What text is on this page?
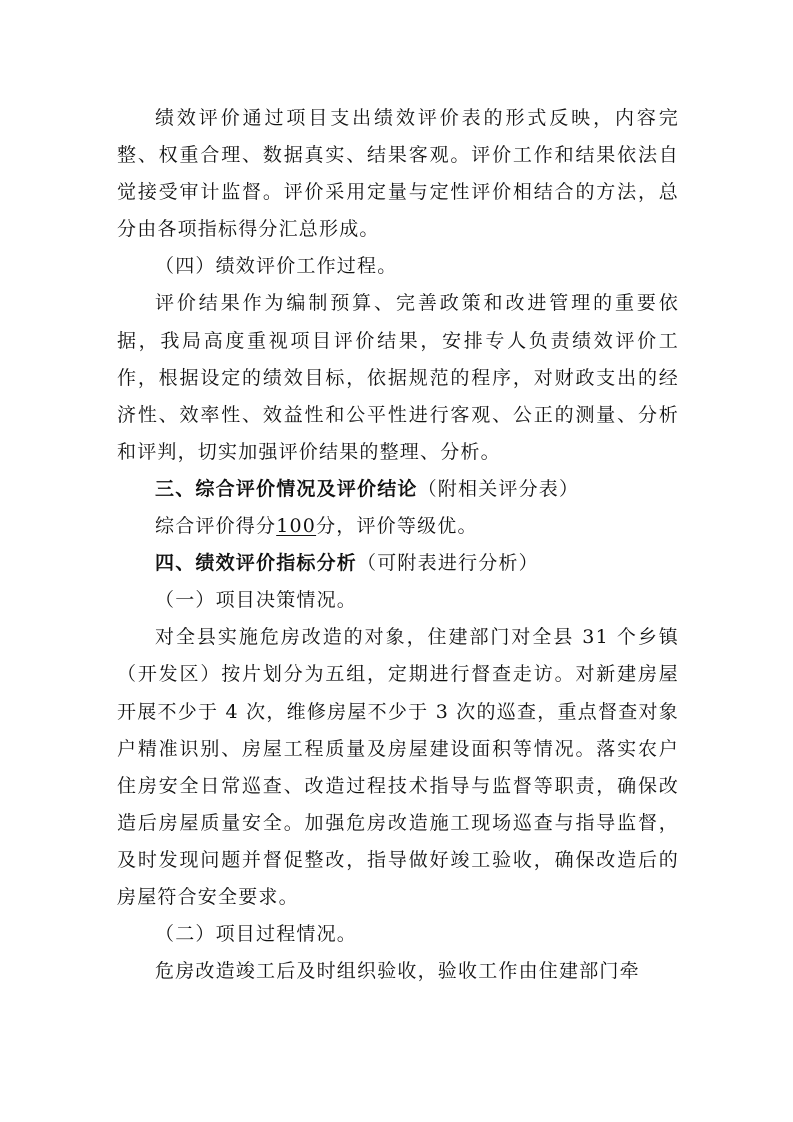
绩效评价通过项目支出绩效评价表的形式反映，内容完整、权重合理、数据真实、结果客观。评价工作和结果依法自觉接受审计监督。评价采用定量与定性评价相结合的方法，总分由各项指标得分汇总形成。

（四）绩效评价工作过程。

评价结果作为编制预算、完善政策和改进管理的重要依据，我局高度重视项目评价结果，安排专人负责绩效评价工作，根据设定的绩效目标，依据规范的程序，对财政支出的经济性、效率性、效益性和公平性进行客观、公正的测量、分析和评判，切实加强评价结果的整理、分析。

三、综合评价情况及评价结论（附相关评分表）

综合评价得分100分，评价等级优。

四、绩效评价指标分析（可附表进行分析）

（一）项目决策情况。

对全县实施危房改造的对象，住建部门对全县 31 个乡镇（开发区）按片划分为五组，定期进行督查走访。对新建房屋开展不少于 4 次，维修房屋不少于 3 次的巡查，重点督查对象户精准识别、房屋工程质量及房屋建设面积等情况。落实农户住房安全日常巡查、改造过程技术指导与监督等职责，确保改造后房屋质量安全。加强危房改造施工现场巡查与指导监督，及时发现问题并督促整改，指导做好竣工验收，确保改造后的房屋符合安全要求。

（二）项目过程情况。

危房改造竣工后及时组织验收，验收工作由住建部门牵
